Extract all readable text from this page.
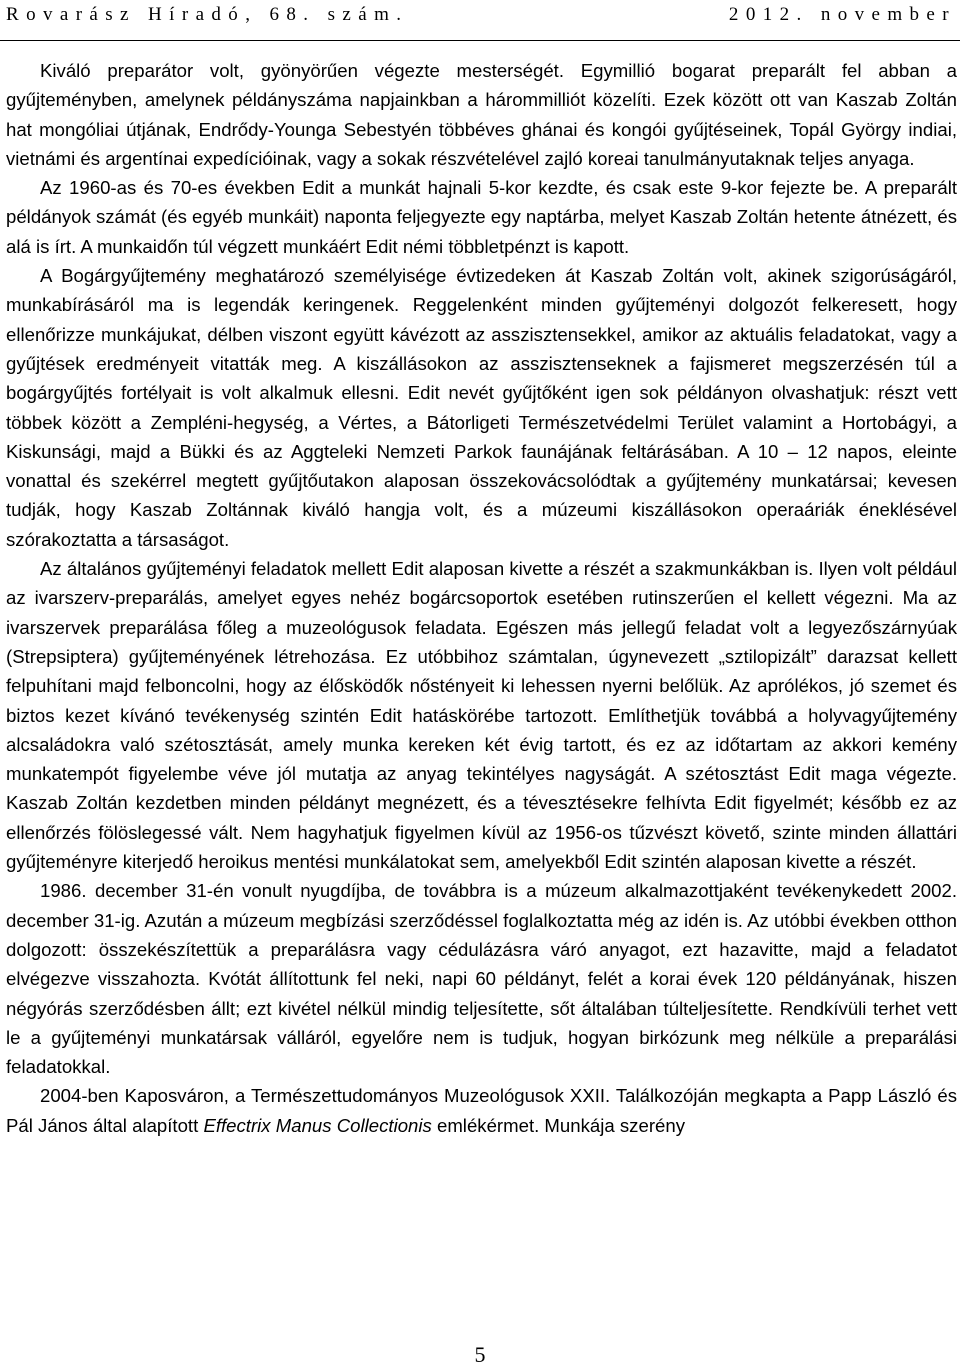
Rovarász Híradó, 68. szám.	2012. november

Kiváló preparátor volt, gyönyörűen végezte mesterségét. Egymillió bogarat preparált fel abban a gyűjteményben, amelynek példányszáma napjainkban a hárommilliót közelíti. Ezek között ott van Kaszab Zoltán hat mongóliai útjának, Endrődy-Younga Sebestyén többéves ghánai és kongói gyűjtéseinek, Topál György indiai, vietnámi és argentínai expedícióinak, vagy a sokak részvételével zajló koreai tanulmányutaknak teljes anyaga.

Az 1960-as és 70-es években Edit a munkát hajnali 5-kor kezdte, és csak este 9-kor fejezte be. A preparált példányok számát (és egyéb munkáit) naponta feljegyezte egy naptárba, melyet Kaszab Zoltán hetente átnézett, és alá is írt. A munkaidőn túl végzett munkáért Edit némi többletpénzt is kapott.

A Bogárgyűjtemény meghatározó személyisége évtizedeken át Kaszab Zoltán volt, akinek szigorúságáról, munkabírásáról ma is legendák keringenek. Reggelenként minden gyűjteményi dolgozót felkeresett, hogy ellenőrizze munkájukat, délben viszont együtt kávézott az asszisztensekkel, amikor az aktuális feladatokat, vagy a gyűjtések eredményeit vitatták meg. A kiszállásokon az asszisztenseknek a fajismeret megszerzésén túl a bogárgyűjtés fortélyait is volt alkalmuk ellesni. Edit nevét gyűjtőként igen sok példányon olvashatjuk: részt vett többek között a Zempléni-hegység, a Vértes, a Bátorligeti Természetvédelmi Terület valamint a Hortobágyi, a Kiskunsági, majd a Bükki és az Aggteleki Nemzeti Parkok faunájának feltárásában. A 10 – 12 napos, eleinte vonattal és szekérrel megtett gyűjtőutakon alaposan összekovácsolódtak a gyűjtemény munkatársai; kevesen tudják, hogy Kaszab Zoltánnak kiváló hangja volt, és a múzeumi kiszállásokon operaáriák éneklésével szórakoztatta a társaságot.

Az általános gyűjteményi feladatok mellett Edit alaposan kivette a részét a szakmunkákban is. Ilyen volt például az ivarszerv-preparálás, amelyet egyes nehéz bogárcsoportok esetében rutinszerűen el kellett végezni. Ma az ivarszervek preparálása főleg a muzeológusok feladata. Egészen más jellegű feladat volt a legyezőszárnyúak (Strepsiptera) gyűjteményének létrehozása. Ez utóbbihoz számtalan, úgynevezett „sztilopizált” darazsat kellett felpuhítani majd felboncolni, hogy az élősködők nőstényeit ki lehessen nyerni belőlük. Az aprólékos, jó szemet és biztos kezet kívánó tevékenység szintén Edit hatáskörébe tartozott. Említhetjük továbbá a holyvagyűjtemény alcsaládokra való szétosztását, amely munka kereken két évig tartott, és ez az időtartam az akkori kemény munkatempót figyelembe véve jól mutatja az anyag tekintélyes nagyságát. A szétosztást Edit maga végezte. Kaszab Zoltán kezdetben minden példányt megnézett, és a tévesztésekre felhívta Edit figyelmét; később ez az ellenőrzés fölöslegessé vált. Nem hagyhatjuk figyelmen kívül az 1956-os tűzvészt követő, szinte minden állattári gyűjteményre kiterjedő heroikus mentési munkálatokat sem, amelyekből Edit szintén alaposan kivette a részét.

1986. december 31-én vonult nyugdíjba, de továbbra is a múzeum alkalmazottjaként tevékenykedett 2002. december 31-ig. Azután a múzeum megbízási szerződéssel foglalkoztatta még az idén is. Az utóbbi években otthon dolgozott: összekészítettük a preparálásra vagy cédulázásra váró anyagot, ezt hazavitte, majd a feladatot elvégezve visszahozta. Kvótát állítottunk fel neki, napi 60 példányt, felét a korai évek 120 példányának, hiszen négyórás szerződésben állt; ezt kivétel nélkül mindig teljesítette, sőt általában túlteljesítette. Rendkívüli terhet vett le a gyűjteményi munkatársak válláról, egyelőre nem is tudjuk, hogyan birkózunk meg nélküle a preparálási feladatokkal.

2004-ben Kaposváron, a Természettudományos Muzeológusok XXII. Találkozóján megkapta a Papp László és Pál János által alapított Effectrix Manus Collectionis emlékérmet. Munkája szerény

5
